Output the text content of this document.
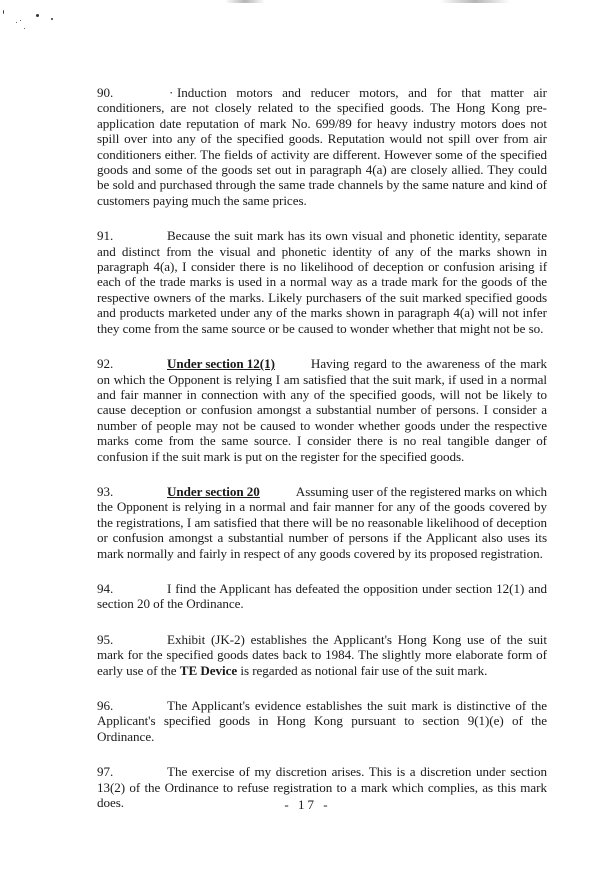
90.	· Induction motors and reducer motors, and for that matter air conditioners, are not closely related to the specified goods. The Hong Kong pre-application date reputation of mark No. 699/89 for heavy industry motors does not spill over into any of the specified goods. Reputation would not spill over from air conditioners either. The fields of activity are different. However some of the specified goods and some of the goods set out in paragraph 4(a) are closely allied. They could be sold and purchased through the same trade channels by the same nature and kind of customers paying much the same prices.

91.	Because the suit mark has its own visual and phonetic identity, separate and distinct from the visual and phonetic identity of any of the marks shown in paragraph 4(a), I consider there is no likelihood of deception or confusion arising if each of the trade marks is used in a normal way as a trade mark for the goods of the respective owners of the marks. Likely purchasers of the suit marked specified goods and products marketed under any of the marks shown in paragraph 4(a) will not infer they come from the same source or be caused to wonder whether that might not be so.

92.	Under section 12(1)	Having regard to the awareness of the mark on which the Opponent is relying I am satisfied that the suit mark, if used in a normal and fair manner in connection with any of the specified goods, will not be likely to cause deception or confusion amongst a substantial number of persons. I consider a number of people may not be caused to wonder whether goods under the respective marks come from the same source. I consider there is no real tangible danger of confusion if the suit mark is put on the register for the specified goods.

93.	Under section 20	Assuming user of the registered marks on which the Opponent is relying in a normal and fair manner for any of the goods covered by the registrations, I am satisfied that there will be no reasonable likelihood of deception or confusion amongst a substantial number of persons if the Applicant also uses its mark normally and fairly in respect of any goods covered by its proposed registration.

94.	I find the Applicant has defeated the opposition under section 12(1) and section 20 of the Ordinance.

95.	Exhibit (JK-2) establishes the Applicant's Hong Kong use of the suit mark for the specified goods dates back to 1984. The slightly more elaborate form of early use of the TE Device is regarded as notional fair use of the suit mark.

96.	The Applicant's evidence establishes the suit mark is distinctive of the Applicant's specified goods in Hong Kong pursuant to section 9(1)(e) of the Ordinance.

97.	The exercise of my discretion arises. This is a discretion under section 13(2) of the Ordinance to refuse registration to a mark which complies, as this mark does.	- 17 -
